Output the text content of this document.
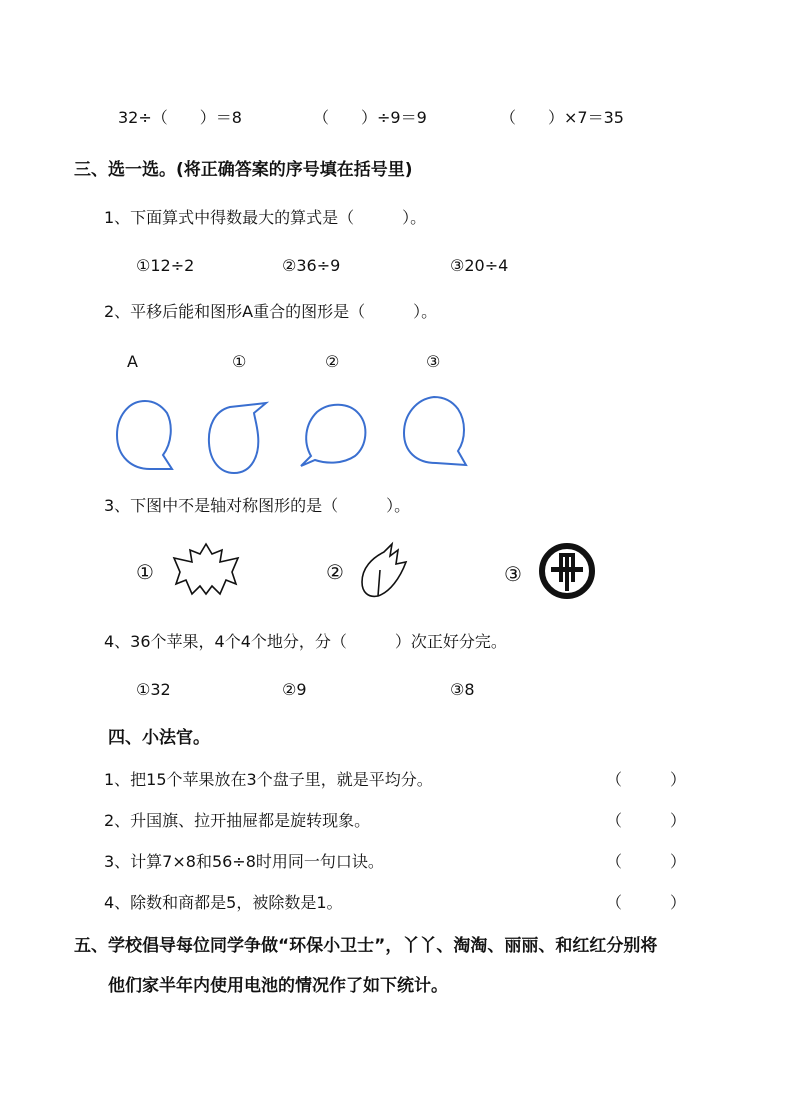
32÷（　　）＝8	（　　）÷9＝9	（　　）×7＝35
三、选一选。(将正确答案的序号填在括号里)
1、下面算式中得数最大的算式是（　　　）。
①12÷2	②36÷9	③20÷4
2、平移后能和图形A重合的图形是（　　　）。
A	①	②	③
3、下图中不是轴对称图形的是（　　　）。
①	②	③
4、36个苹果，4个4个地分，分（　　　）次正好分完。
①32	②9	③8
四、小法官。
1、把15个苹果放在3个盘子里，就是平均分。	（　　　）
2、升国旗、拉开抽屉都是旋转现象。	（　　　）
3、计算7×8和56÷8时用同一句口诀。	（　　　）
4、除数和商都是5，被除数是1。	（　　　）
五、学校倡导每位同学争做“环保小卫士”，丫丫、淘淘、丽丽、和红红分别将
他们家半年内使用电池的情况作了如下统计。
